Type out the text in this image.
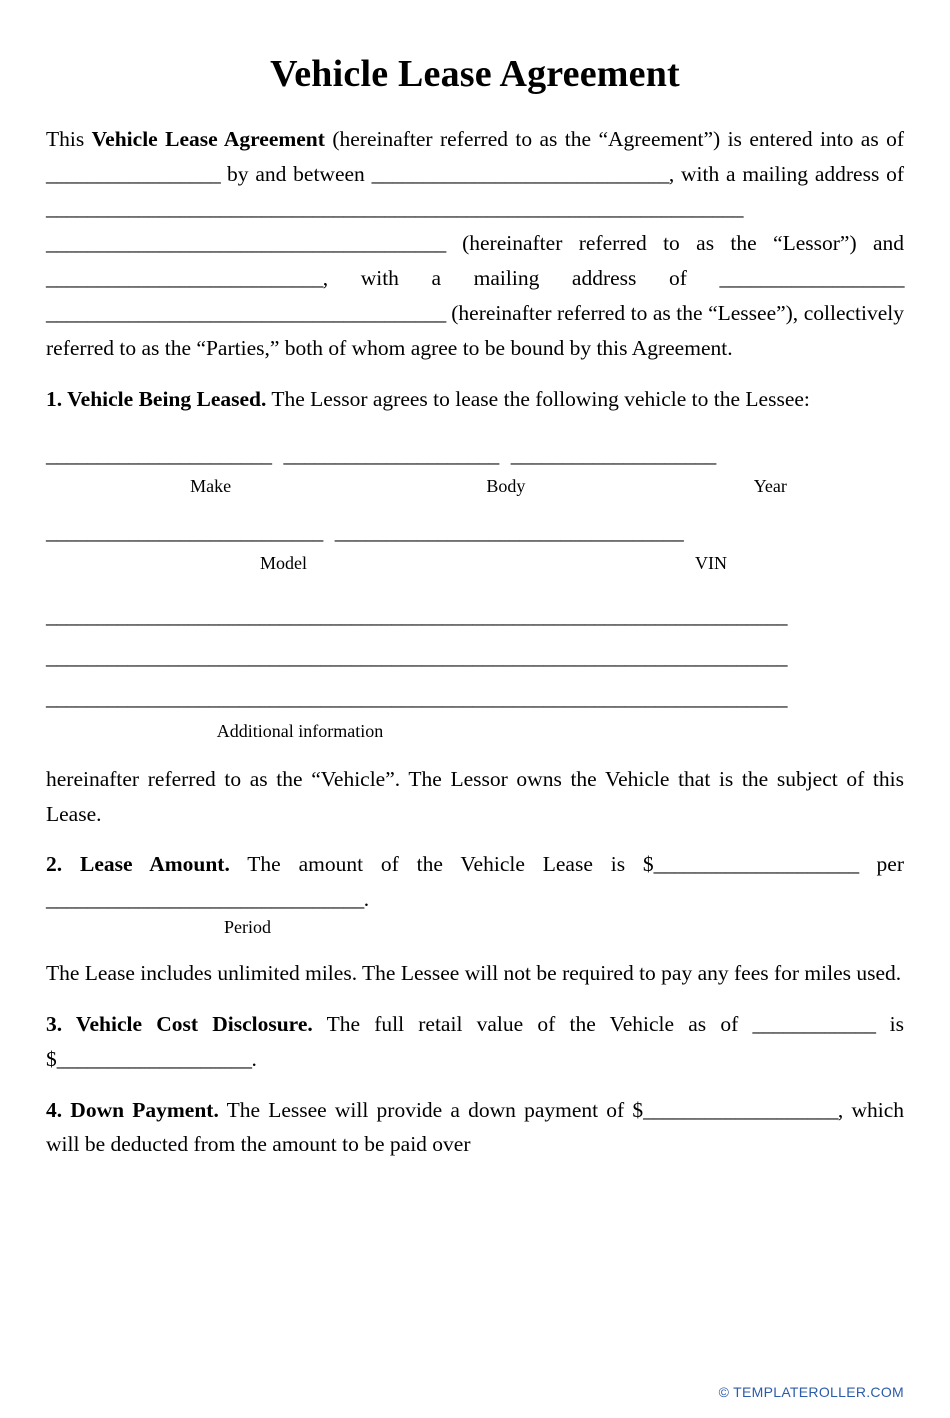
Vehicle Lease Agreement

This Vehicle Lease Agreement (hereinafter referred to as the “Agreement”) is entered into as of _________________ by and between _____________________________, with a mailing address of ____________________________________________________________________ _______________________________________ (hereinafter referred to as the “Lessor”) and ___________________________, with a mailing address of __________________ _______________________________________ (hereinafter referred to as the “Lessee”), collectively referred to as the “Parties,” both of whom agree to be bound by this Agreement.

1. Vehicle Being Leased. The Lessor agrees to lease the following vehicle to the Lessee:

______________________ _____________________ ____________________
Make	Body	Year
___________________________ __________________________________
Model	VIN
_________________________________________________________________________
_________________________________________________________________________
_________________________________________________________________________
Additional information

hereinafter referred to as the “Vehicle”. The Lessor owns the Vehicle that is the subject of this Lease.

2. Lease Amount. The amount of the Vehicle Lease is $____________________ per _______________________________.

Period

The Lease includes unlimited miles. The Lessee will not be required to pay any fees for miles used.

3. Vehicle Cost Disclosure. The full retail value of the Vehicle as of ____________ is $___________________.

4. Down Payment. The Lessee will provide a down payment of $___________________, which will be deducted from the amount to be paid over

© TEMPLATEROLLER.COM
